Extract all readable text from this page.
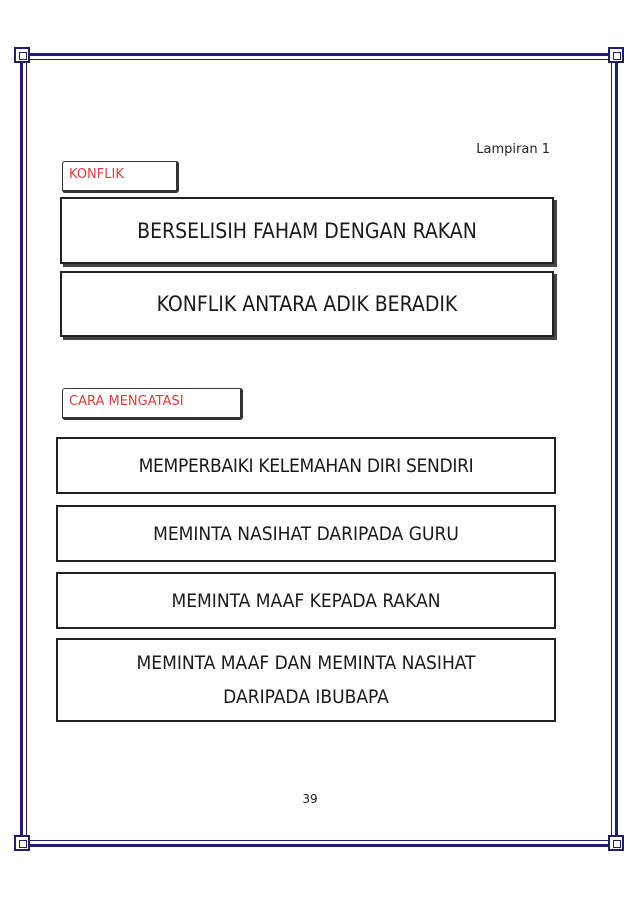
Lampiran 1
KONFLIK
BERSELISIH FAHAM DENGAN RAKAN
KONFLIK ANTARA ADIK BERADIK
CARA MENGATASI
MEMPERBAIKI KELEMAHAN DIRI SENDIRI
MEMINTA NASIHAT DARIPADA GURU
MEMINTA MAAF KEPADA RAKAN
MEMINTA MAAF DAN MEMINTA NASIHAT
DARIPADA IBUBAPA
39
